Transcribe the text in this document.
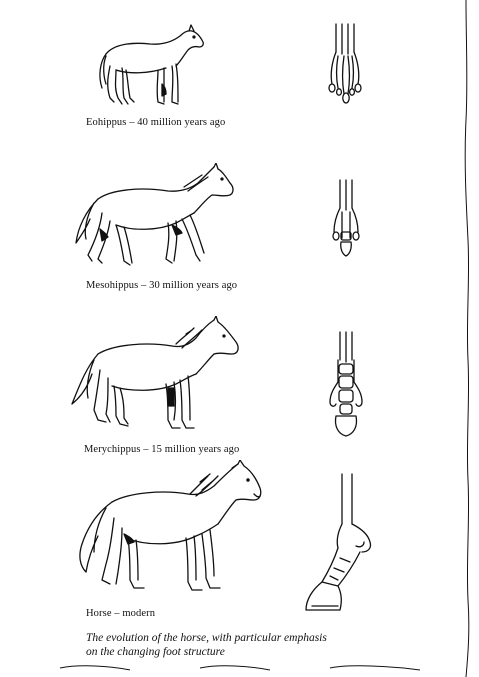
Eohippus – 40 million years ago
Mesohippus – 30 million years ago
Merychippus – 15 million years ago
Horse – modern
The evolution of the horse, with particular emphasis
on the changing foot structure
